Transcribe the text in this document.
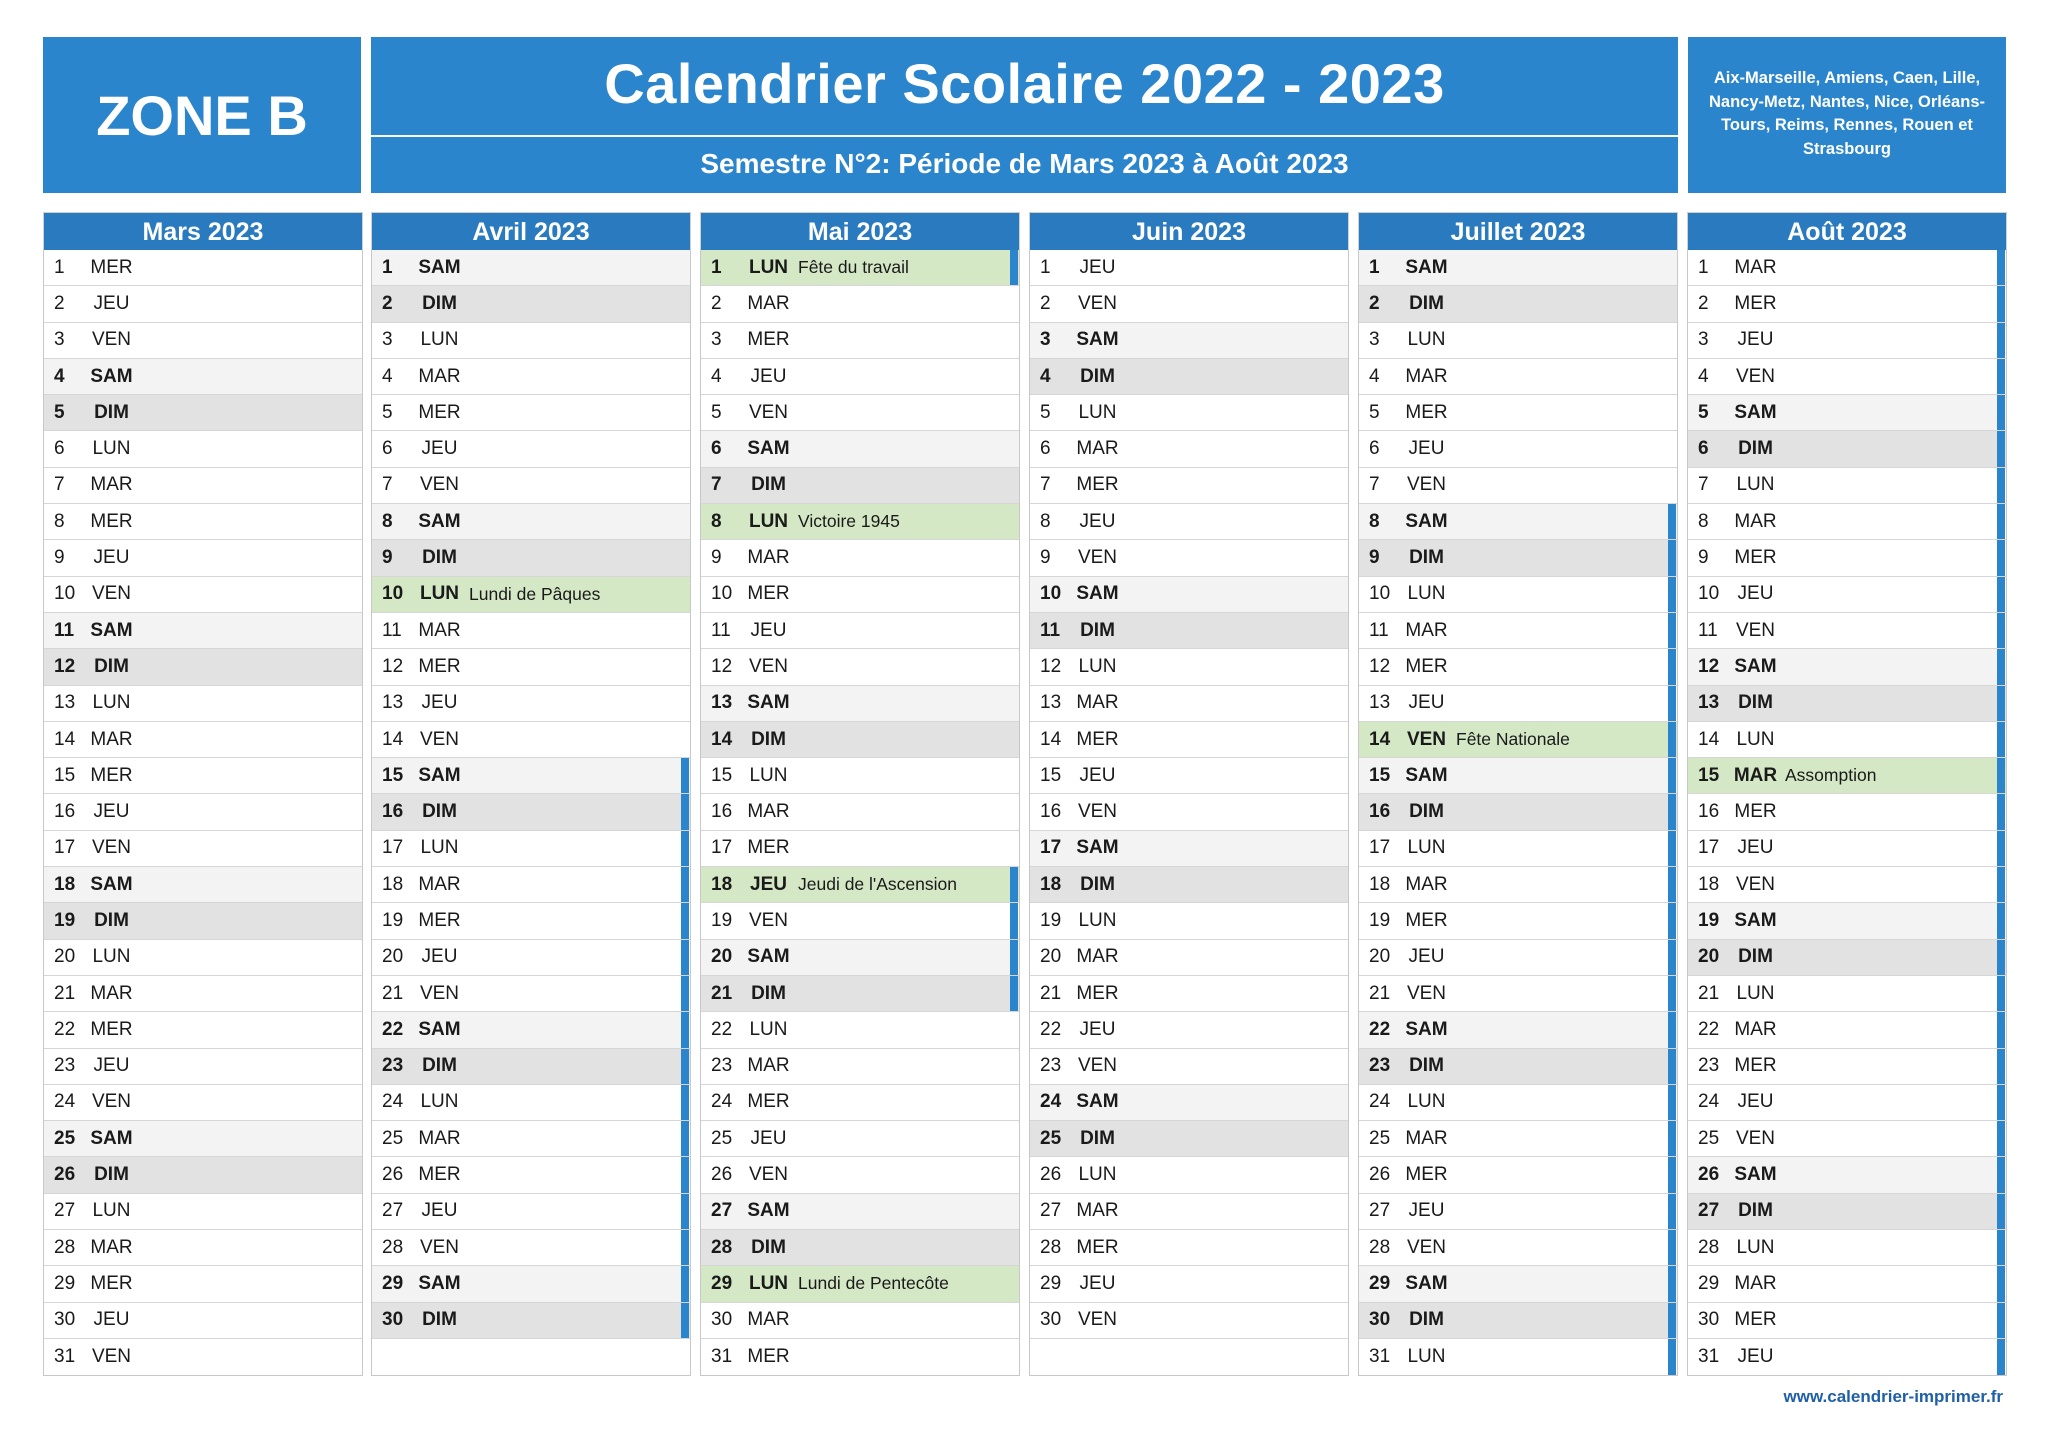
ZONE B	Calendrier Scolaire 2022 - 2023
Semestre N°2: Période de Mars 2023 à Août 2023
Aix-Marseille, Amiens, Caen, Lille, Nancy-Metz, Nantes, Nice, Orléans-Tours, Reims, Rennes, Rouen et Strasbourg
Mars 2023
1	MER
2	JEU
3	VEN
4	SAM
5	DIM
6	LUN
7	MAR
8	MER
9	JEU
10 VEN
11 SAM
12 DIM
13 LUN
14 MAR
15 MER
16 JEU
17 VEN
18 SAM
19 DIM
20 LUN
21 MAR
22 MER
23 JEU
24 VEN
25 SAM
26 DIM
27 LUN
28 MAR
29 MER
30 JEU
31 VEN
Avril 2023
1	SAM
2	DIM
3	LUN
4	MAR
5	MER
6	JEU
7	VEN
8	SAM
9	DIM
10 LUN Lundi de Pâques
11 MAR
12 MER
13 JEU
14 VEN
15 SAM
16 DIM
17 LUN
18 MAR
19 MER
20 JEU
21 VEN
22 SAM
23 DIM
24 LUN
25 MAR
26 MER
27 JEU
28 VEN
29 SAM
30 DIM
Mai 2023
1	LUN Fête du travail
2	MAR
3	MER
4	JEU
5	VEN
6	SAM
7	DIM
8	LUN Victoire 1945
9	MAR
10 MER
11	JEU
12 VEN
13 SAM
14 DIM
15 LUN
16 MAR
17 MER
18 JEU Jeudi de l'Ascension
19 VEN
20 SAM
21 DIM
22 LUN
23 MAR
24 MER
25 JEU
26 VEN
27 SAM
28 DIM
29 LUN Lundi de Pentecôte
30 MAR
31 MER
Juin 2023
1	JEU
2	VEN
3	SAM
4	DIM
5	LUN
6	MAR
7	MER
8	JEU
9	VEN
10 SAM
11	DIM
12 LUN
13 MAR
14 MER
15 JEU
16 VEN
17 SAM
18 DIM
19 LUN
20 MAR
21 MER
22 JEU
23 VEN
24 SAM
25 DIM
26 LUN
27 MAR
28 MER
29 JEU
30 VEN
Juillet 2023
1	SAM
2	DIM
3	LUN
4	MAR
5	MER
6	JEU
7	VEN
8	SAM
9	DIM
10 LUN
11 MAR
12 MER
13 JEU
14 VEN Fête Nationale
15 SAM
16 DIM
17 LUN
18 MAR
19 MER
20 JEU
21 VEN
22 SAM
23 DIM
24 LUN
25 MAR
26 MER
27 JEU
28 VEN
29 SAM
30 DIM
31 LUN
Août 2023
1	MAR
2	MER
3	JEU
4	VEN
5	SAM
6	DIM
7	LUN
8	MAR
9	MER
10 JEU
11 VEN
12 SAM
13 DIM
14 LUN
15 MAR Assomption
16 MER
17 JEU
18 VEN
19 SAM
20 DIM
21 LUN
22 MAR
23 MER
24 JEU
25 VEN
26 SAM
27 DIM
28 LUN
29 MAR
30 MER
31 JEU
www.calendrier-imprimer.fr
